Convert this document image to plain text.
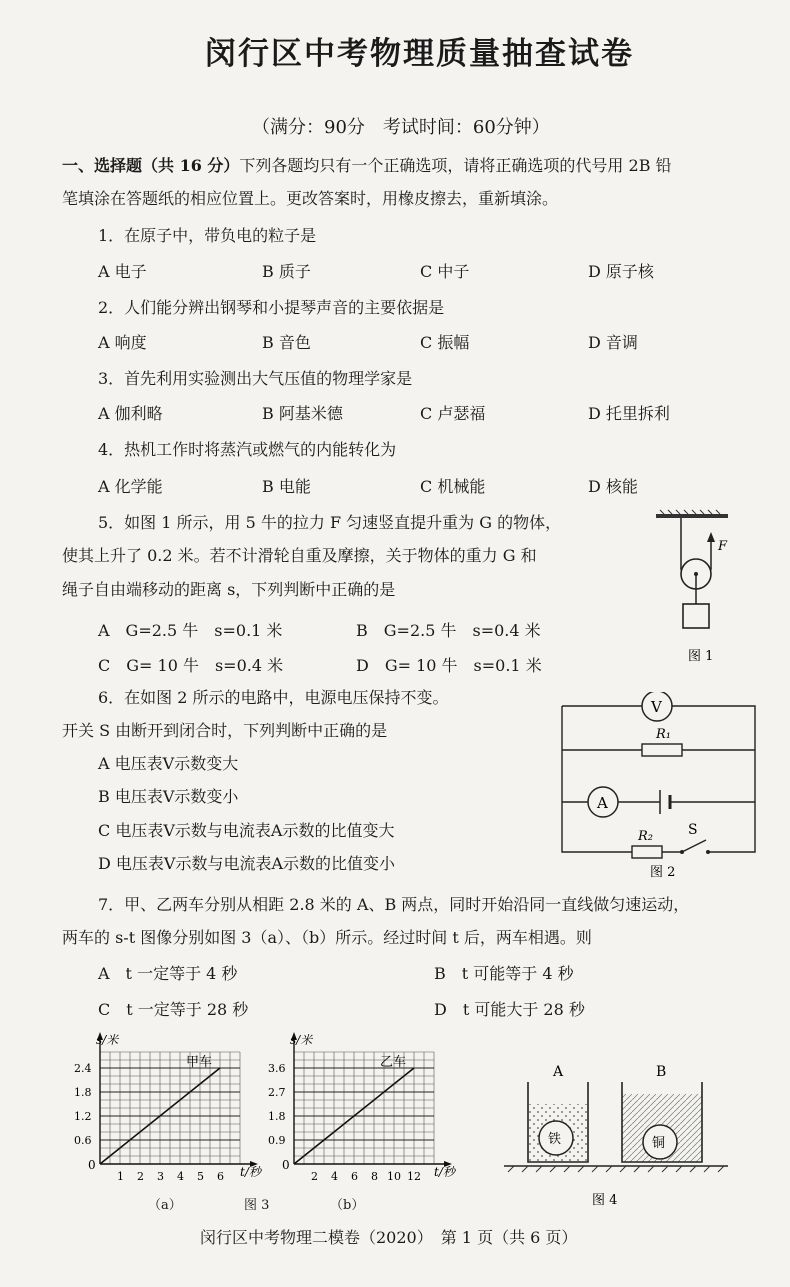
闵行区中考物理质量抽查试卷
（满分：90分　考试时间：60分钟）
一、选择题（共 16 分）下列各题均只有一个正确选项，请将正确选项的代号用 2B 铅
笔填涂在答题纸的相应位置上。更改答案时，用橡皮擦去，重新填涂。
1．在原子中，带负电的粒子是
A 电子	B 质子	C 中子	D 原子核
2．人们能分辨出钢琴和小提琴声音的主要依据是
A 响度	B 音色	C 振幅	D 音调
3．首先利用实验测出大气压值的物理学家是
A 伽利略	B 阿基米德	C 卢瑟福	D 托里拆利
4．热机工作时将蒸汽或燃气的内能转化为
A 化学能	B 电能	C 机械能	D 核能
5．如图 1 所示，用 5 牛的拉力 F 匀速竖直提升重为 G 的物体，
使其上升了 0.2 米。若不计滑轮自重及摩擦，关于物体的重力 G 和
绳子自由端移动的距离 s，下列判断中正确的是
A　G=2.5 牛　s=0.1 米	B　G=2.5 牛　s=0.4 米
C　G= 10 牛　s=0.4 米	D　G= 10 牛　s=0.1 米
F
图 1
6．在如图 2 所示的电路中，电源电压保持不变。
开关 S 由断开到闭合时，下列判断中正确的是
A 电压表V示数变大
B 电压表V示数变小
C 电压表V示数与电流表A示数的比值变大
D 电压表V示数与电流表A示数的比值变小
V
R₁
A
R₂	S
图 2
7．甲、乙两车分别从相距 2.8 米的 A、B 两点，同时开始沿同一直线做匀速运动，
两车的 s-t 图像分别如图 3（a）、（b）所示。经过时间 t 后，两车相遇。则
A　t 一定等于 4 秒	B　t 可能等于 4 秒
C　t 一定等于 28 秒	D　t 可能大于 28 秒
0
0.6
1.2
1.8
2.4
1 2 3 4 5 6
s/米
t/秒
甲车
（a）
0
0.9
1.8
2.7
3.6
2 4 6 8 10 12
s/米
t/秒
乙车
（b）
图 3
A	B
铁	铜
图 4
闵行区中考物理二模卷（2020）　第 1 页（共 6 页）
